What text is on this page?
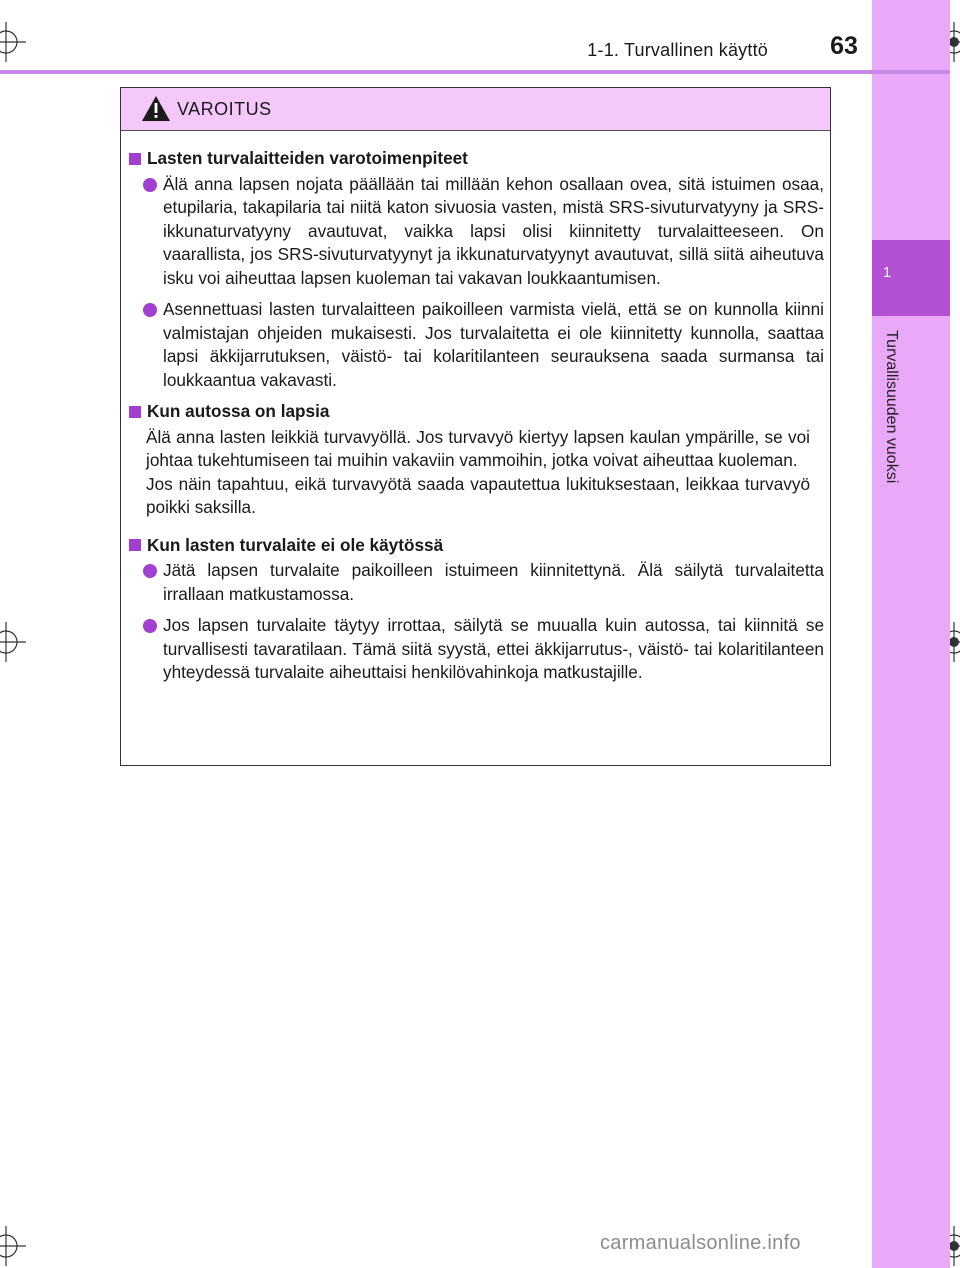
1
Turvallisuuden vuoksi
1-1. Turvallinen käyttö	63
VAROITUS
Lasten turvalaitteiden varotoimenpiteet
Älä anna lapsen nojata päällään tai millään kehon osallaan ovea, sitä istuimen osaa, etupilaria, takapilaria tai niitä katon sivuosia vasten, mistä SRS-sivuturvatyyny ja SRS-ikkunaturvatyyny avautuvat, vaikka lapsi olisi kiinnitetty turvalaitteeseen. On vaarallista, jos SRS-sivuturvatyynyt ja ikkunaturvatyynyt avautuvat, sillä siitä aiheutuva isku voi aiheuttaa lapsen kuoleman tai vakavan loukkaantumisen.
Asennettuasi lasten turvalaitteen paikoilleen varmista vielä, että se on kunnolla kiinni valmistajan ohjeiden mukaisesti. Jos turvalaitetta ei ole kiinnitetty kunnolla, saattaa lapsi äkkijarrutuksen, väistö- tai kolaritilanteen seurauksena saada surmansa tai loukkaantua vakavasti.
Kun autossa on lapsia
Älä anna lasten leikkiä turvavyöllä. Jos turvavyö kiertyy lapsen kaulan ympärille, se voi johtaa tukehtumiseen tai muihin vakaviin vammoihin, jotka voivat aiheuttaa kuoleman.
Jos näin tapahtuu, eikä turvavyötä saada vapautettua lukituksestaan, leikkaa turvavyö poikki saksilla.
Kun lasten turvalaite ei ole käytössä
Jätä lapsen turvalaite paikoilleen istuimeen kiinnitettynä. Älä säilytä turvalaitetta irrallaan matkustamossa.
Jos lapsen turvalaite täytyy irrottaa, säilytä se muualla kuin autossa, tai kiinnitä se turvallisesti tavaratilaan. Tämä siitä syystä, ettei äkkijarrutus-, väistö- tai kolaritilanteen yhteydessä turvalaite aiheuttaisi henkilövahinkoja matkustajille.
carmanualsonline.info
